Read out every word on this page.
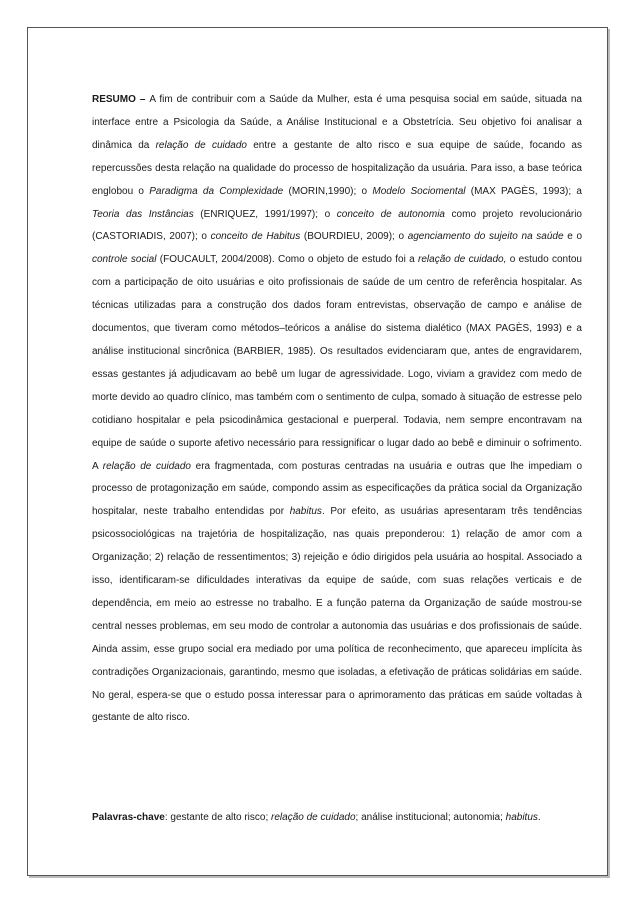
RESUMO – A fim de contribuir com a Saúde da Mulher, esta é uma pesquisa social em saúde, situada na interface entre a Psicologia da Saúde, a Análise Institucional e a Obstetrícia. Seu objetivo foi analisar a dinâmica da relação de cuidado entre a gestante de alto risco e sua equipe de saúde, focando as repercussões desta relação na qualidade do processo de hospitalização da usuária. Para isso, a base teórica englobou o Paradigma da Complexidade (MORIN,1990); o Modelo Sociomental (MAX PAGÈS, 1993); a Teoria das Instâncias (ENRIQUEZ, 1991/1997); o conceito de autonomia como projeto revolucionário (CASTORIADIS, 2007); o conceito de Habitus (BOURDIEU, 2009); o agenciamento do sujeito na saúde e o controle social (FOUCAULT, 2004/2008). Como o objeto de estudo foi a relação de cuidado, o estudo contou com a participação de oito usuárias e oito profissionais de saúde de um centro de referência hospitalar. As técnicas utilizadas para a construção dos dados foram entrevistas, observação de campo e análise de documentos, que tiveram como métodos–teóricos a análise do sistema dialético (MAX PAGÈS, 1993) e a análise institucional sincrônica (BARBIER, 1985). Os resultados evidenciaram que, antes de engravidarem, essas gestantes já adjudicavam ao bebê um lugar de agressividade. Logo, viviam a gravidez com medo de morte devido ao quadro clínico, mas também com o sentimento de culpa, somado à situação de estresse pelo cotidiano hospitalar e pela psicodinâmica gestacional e puerperal. Todavia, nem sempre encontravam na equipe de saúde o suporte afetivo necessário para ressignificar o lugar dado ao bebê e diminuir o sofrimento. A relação de cuidado era fragmentada, com posturas centradas na usuária e outras que lhe impediam o processo de protagonização em saúde, compondo assim as especificações da prática social da Organização hospitalar, neste trabalho entendidas por habitus. Por efeito, as usuárias apresentaram três tendências psicossociológicas na trajetória de hospitalização, nas quais preponderou: 1) relação de amor com a Organização; 2) relação de ressentimentos; 3) rejeição e ódio dirigidos pela usuária ao hospital. Associado a isso, identificaram-se dificuldades interativas da equipe de saúde, com suas relações verticais e de dependência, em meio ao estresse no trabalho. E a função paterna da Organização de saúde mostrou-se central nesses problemas, em seu modo de controlar a autonomia das usuárias e dos profissionais de saúde. Ainda assim, esse grupo social era mediado por uma política de reconhecimento, que apareceu implícita às contradições Organizacionais, garantindo, mesmo que isoladas, a efetivação de práticas solidárias em saúde. No geral, espera-se que o estudo possa interessar para o aprimoramento das práticas em saúde voltadas à gestante de alto risco.

Palavras-chave: gestante de alto risco; relação de cuidado; análise institucional; autonomia; habitus.
